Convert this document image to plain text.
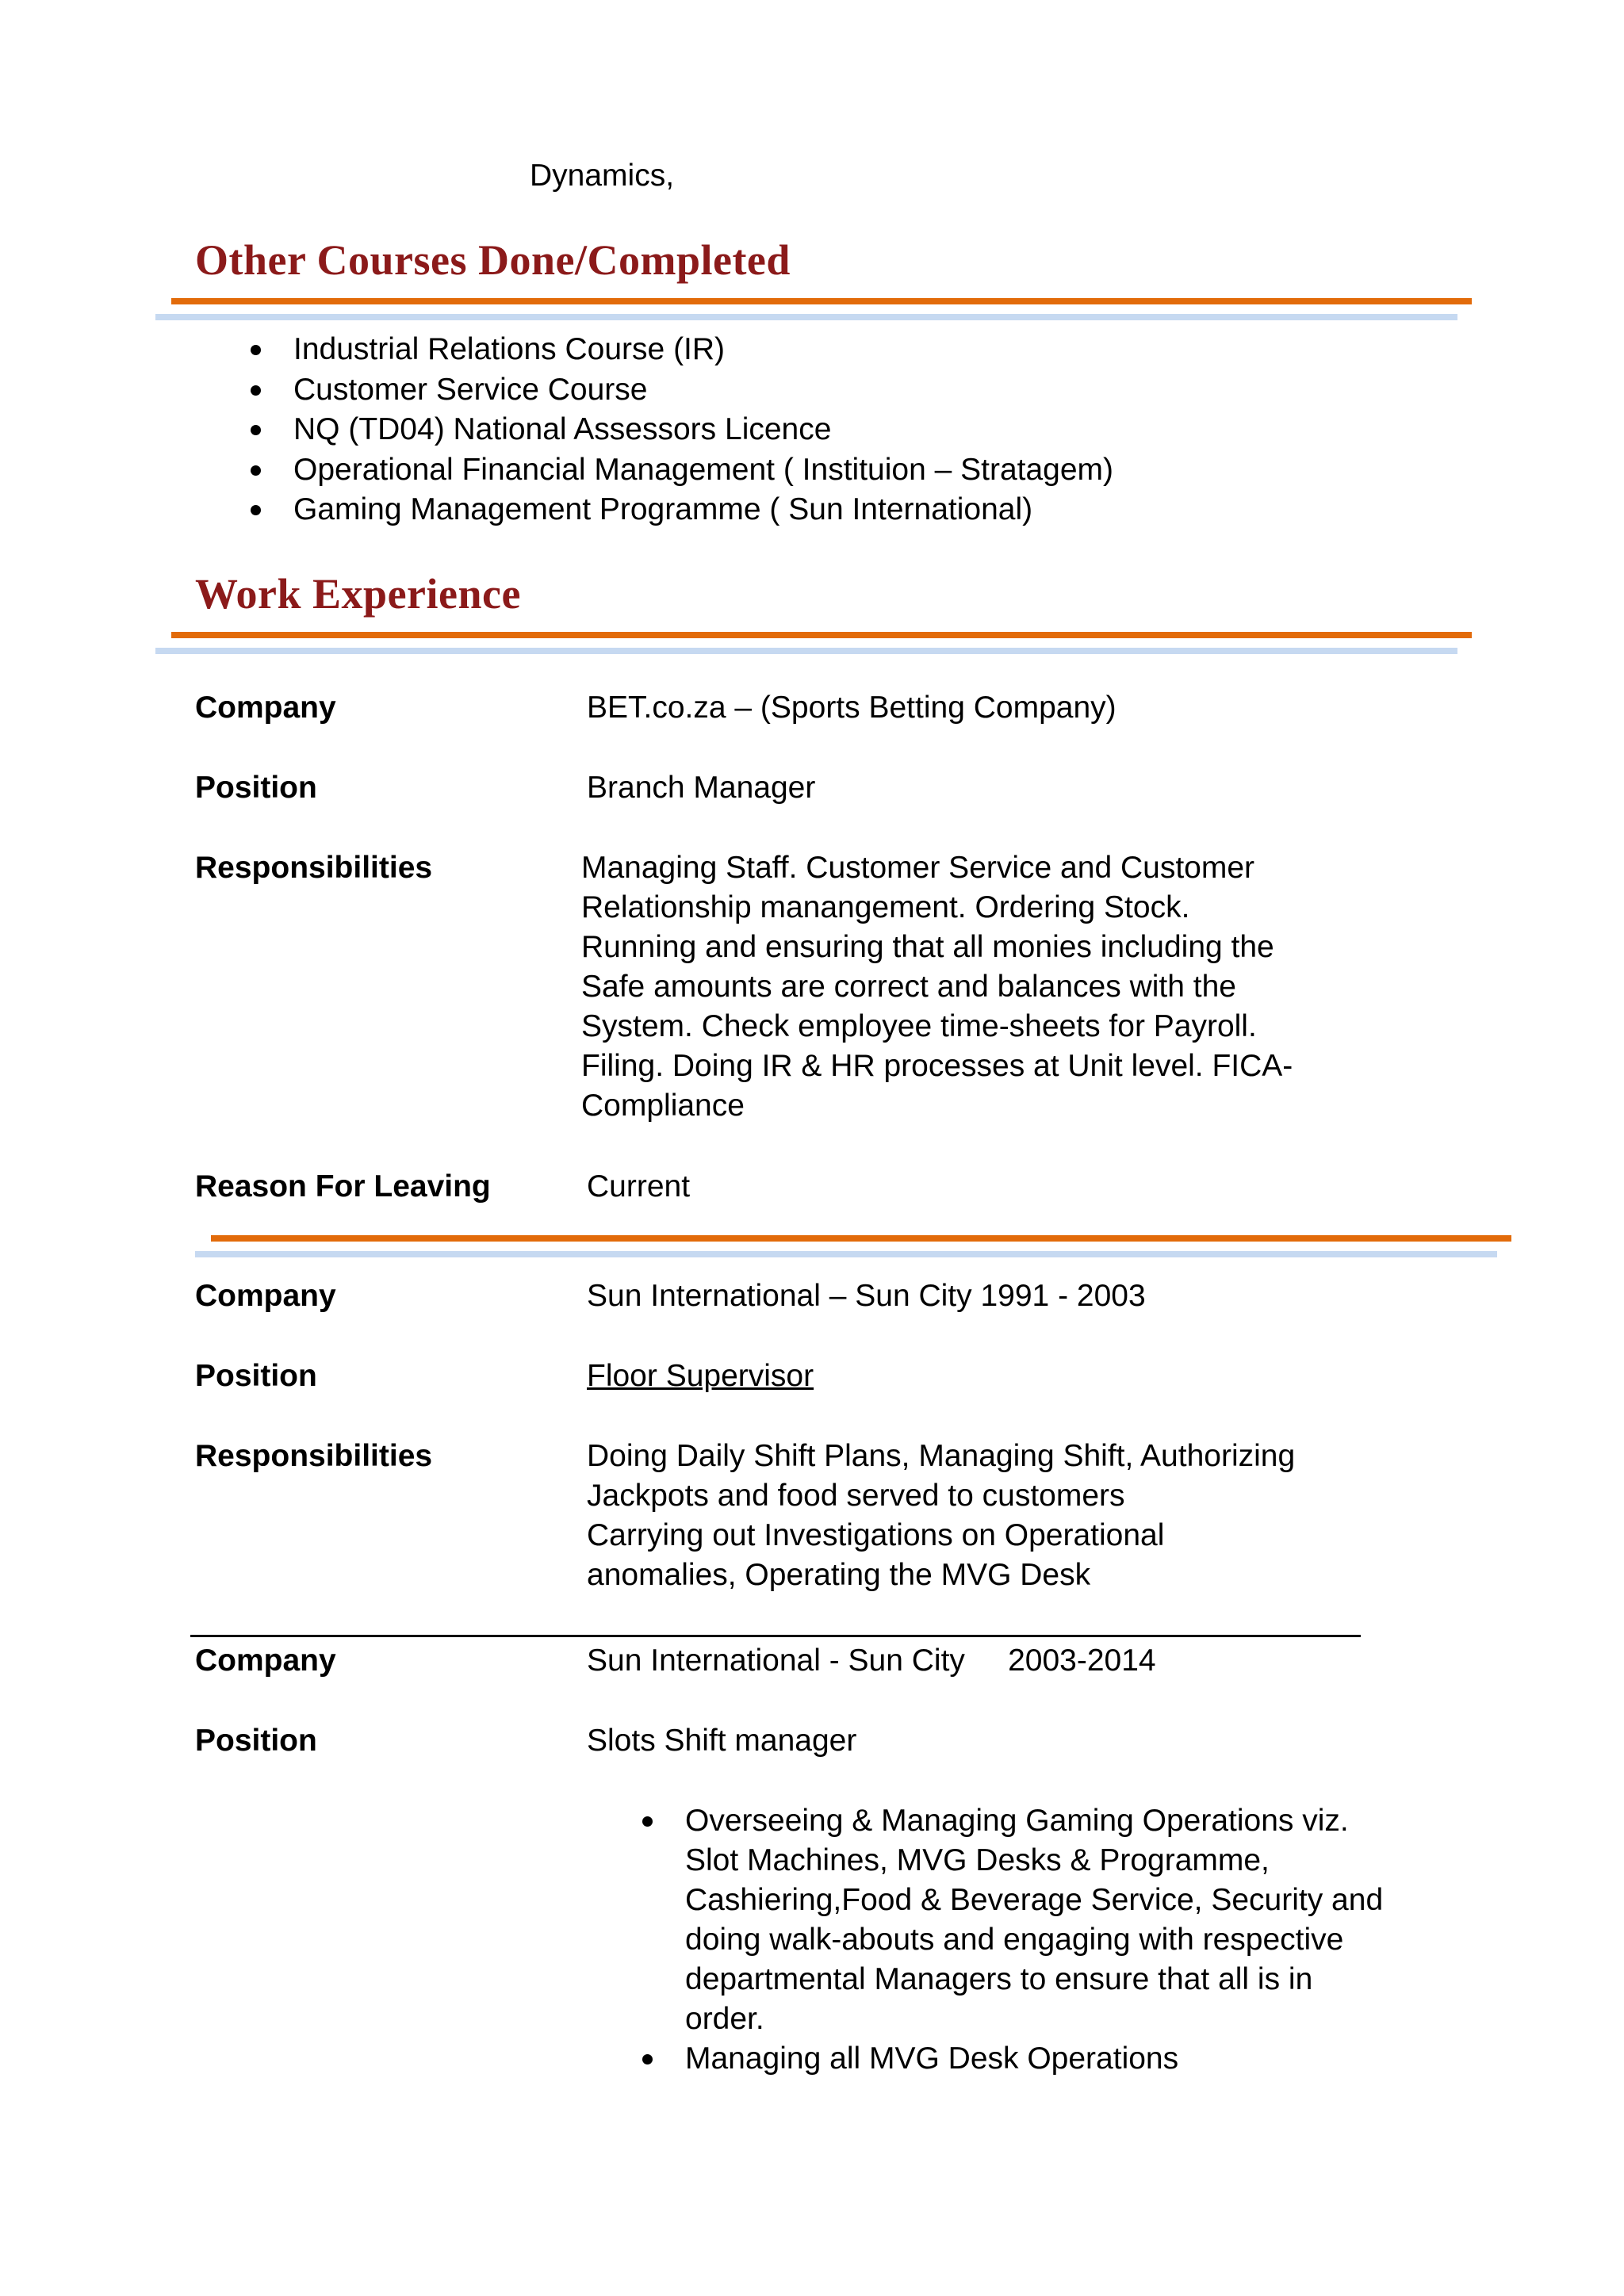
Dynamics,
Other Courses Done/Completed
Industrial Relations Course (IR)
Customer Service Course
NQ (TD04) National Assessors Licence
Operational Financial Management ( Instituion – Stratagem)
Gaming Management Programme ( Sun International)
Work Experience
Company	BET.co.za – (Sports Betting Company)
Position	Branch Manager
Responsibilities	Managing Staff. Customer Service and Customer
Relationship manangement. Ordering Stock.
Running and ensuring that all monies including the
Safe amounts are correct and balances with the
System. Check employee time-sheets for Payroll.
Filing. Doing IR & HR processes at Unit level. FICA-
Compliance
Reason For Leaving	Current
Company	Sun International – Sun City 1991 - 2003
Position	Floor Supervisor
Responsibilities	Doing Daily Shift Plans, Managing Shift, Authorizing
Jackpots and food served to customers
Carrying out Investigations on Operational
anomalies, Operating the MVG Desk
Company	Sun International - Sun City     2003-2014
Position	Slots Shift manager
Overseeing & Managing Gaming Operations viz.
Slot Machines, MVG Desks & Programme,
Cashiering,Food & Beverage Service, Security and
doing walk-abouts and engaging with respective
departmental Managers to ensure that all is in
order.
Managing all MVG Desk Operations
